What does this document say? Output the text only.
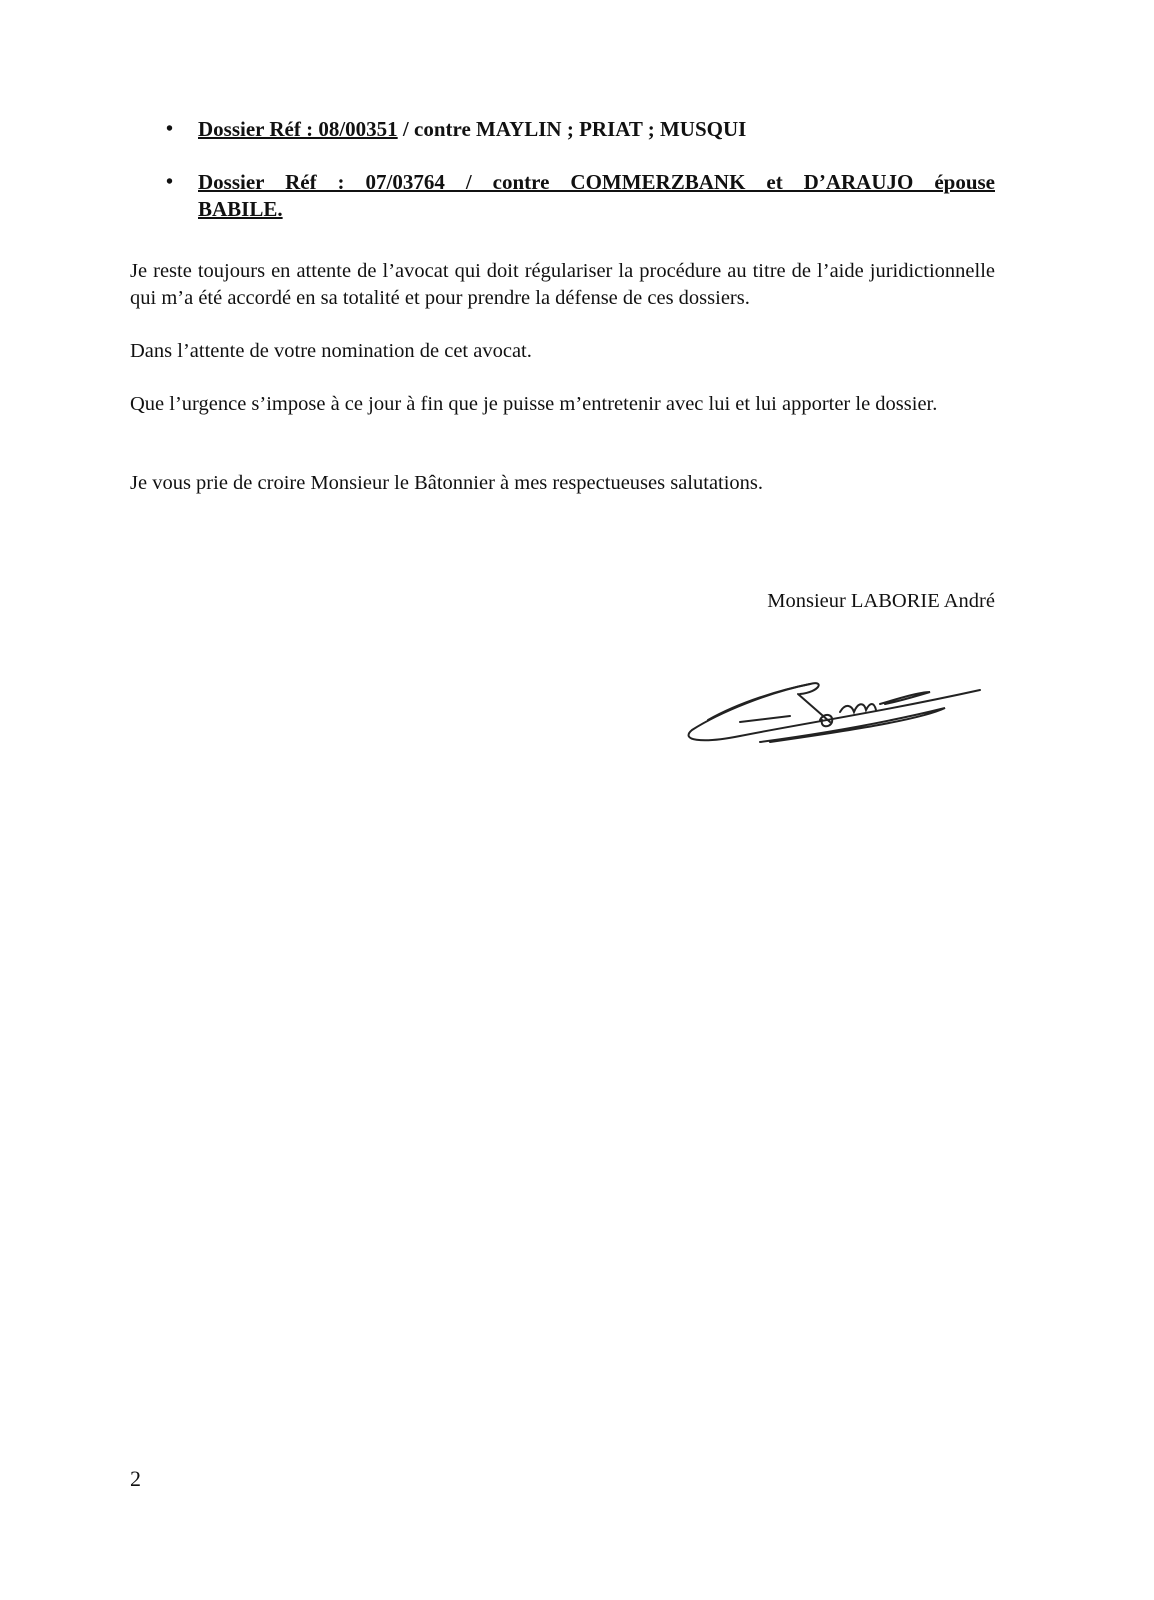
• Dossier Réf : 08/00351 / contre MAYLIN ; PRIAT ; MUSQUI
• Dossier Réf : 07/03764 / contre COMMERZBANK et D’ARAUJO épouse
BABILE.

Je reste toujours en attente de l’avocat qui doit régulariser la procédure au titre de l’aide juridictionnelle qui m’a été accordé en sa totalité et pour prendre la défense de ces dossiers.

Dans l’attente de votre nomination de cet avocat.

Que l’urgence s’impose à ce jour à fin que je puisse m’entretenir avec lui et lui apporter le dossier.

Je vous prie de croire Monsieur le Bâtonnier à mes respectueuses salutations.

Monsieur LABORIE André
2
